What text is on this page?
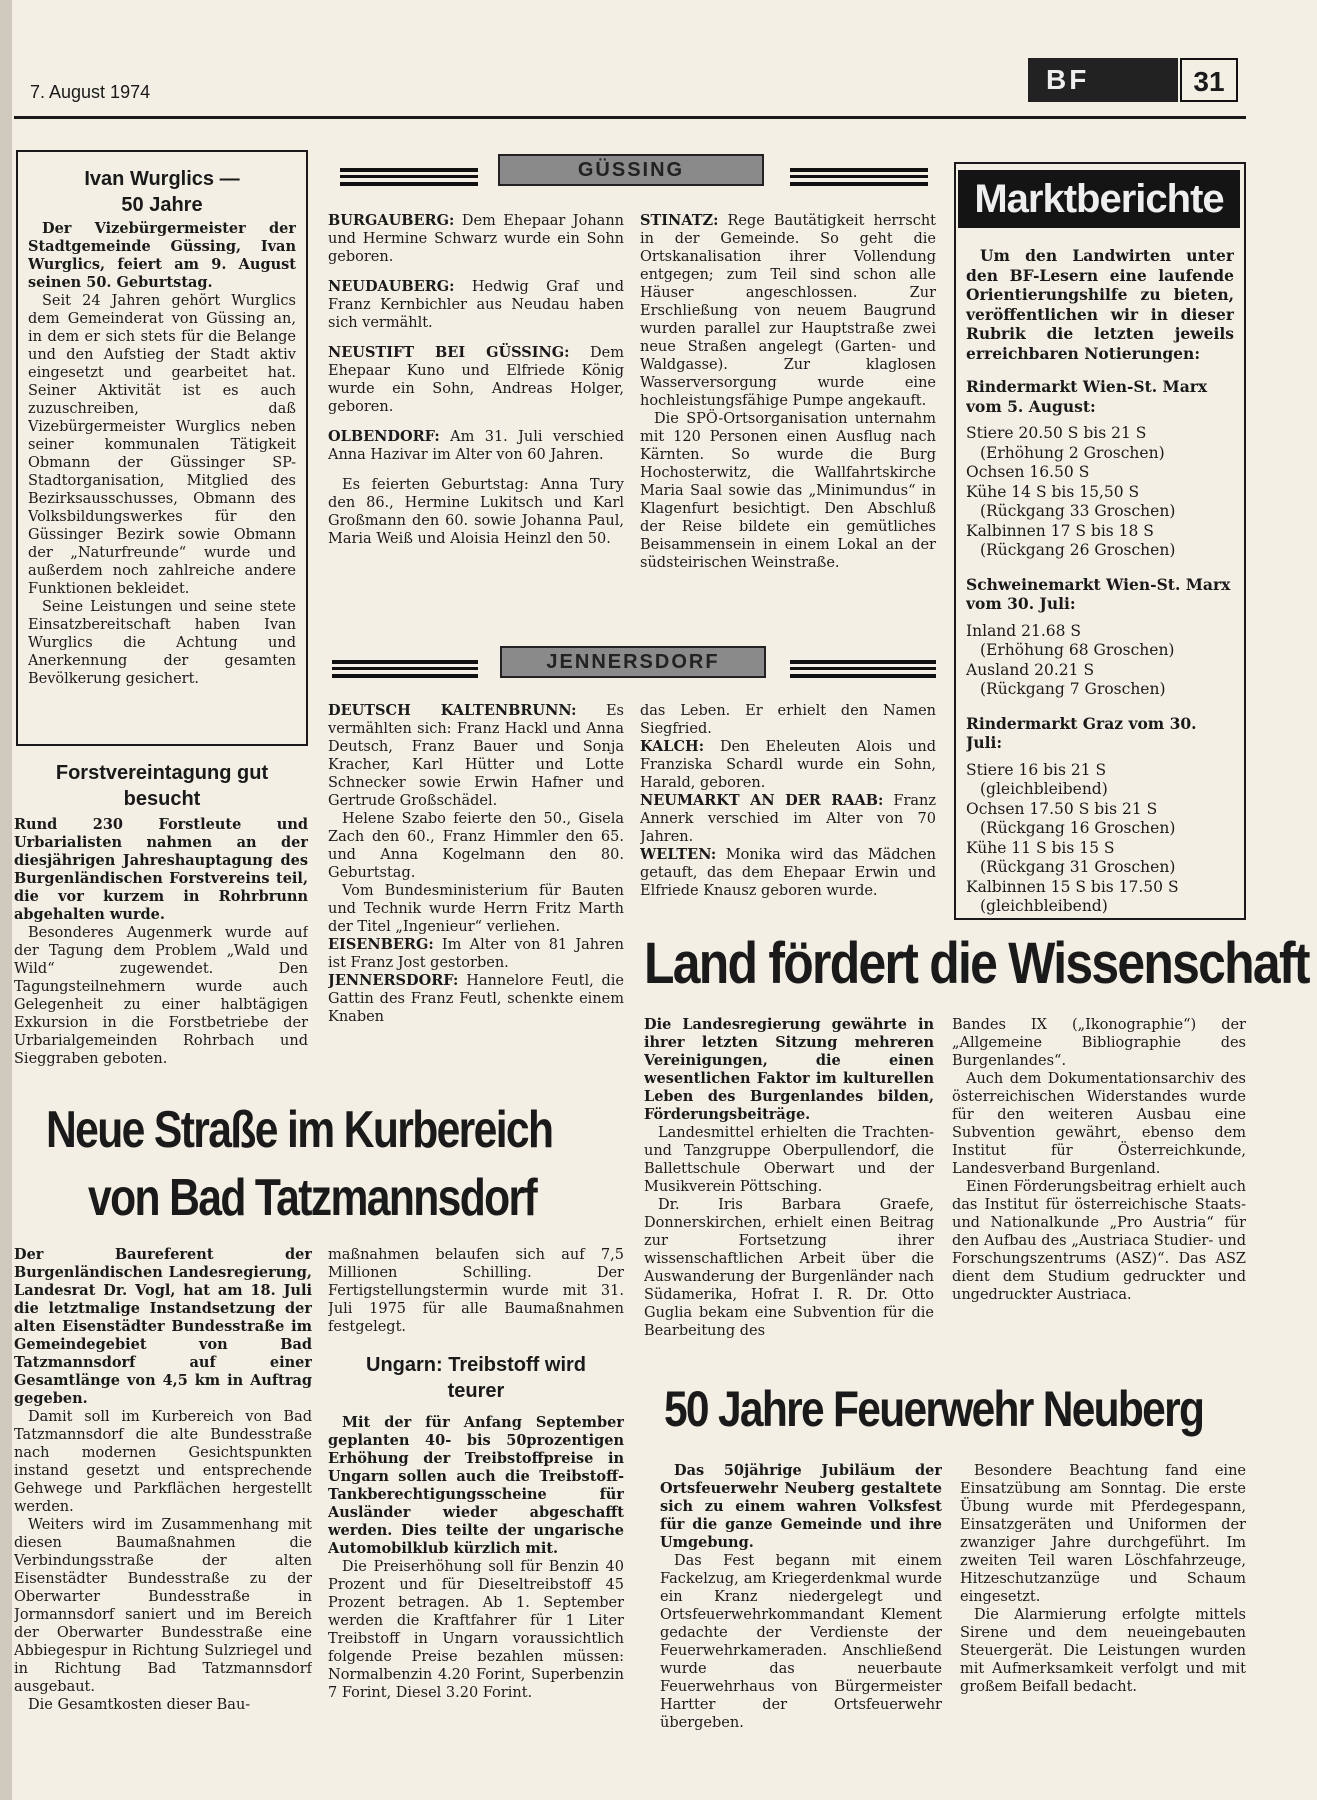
7. August 1974	BF	31
Ivan Wurglics —
50 Jahre

Der Vizebürgermeister der Stadtgemeinde Güssing, Ivan Wurglics, feiert am 9. August seinen 50. Geburtstag.

Seit 24 Jahren gehört Wurglics dem Gemeinderat von Güssing an, in dem er sich stets für die Belange und den Aufstieg der Stadt aktiv eingesetzt und gearbeitet hat. Seiner Aktivität ist es auch zuzuschreiben, daß Vizebürgermeister Wurglics neben seiner kommunalen Tätigkeit Obmann der Güssinger SP-Stadtorganisation, Mitglied des Bezirksausschusses, Obmann des Volksbildungswerkes für den Güssinger Bezirk sowie Obmann der „Naturfreunde“ wurde und außerdem noch zahlreiche andere Funktionen bekleidet.

Seine Leistungen und seine stete Einsatzbereitschaft haben Ivan Wurglics die Achtung und Anerkennung der gesamten Bevölkerung gesichert.

Forstvereintagung gut
besucht

Rund 230 Forstleute und Urbarialisten nahmen an der diesjährigen Jahreshauptagung des Burgenländischen Forstvereins teil, die vor kurzem in Rohrbrunn abgehalten wurde.

Besonderes Augenmerk wurde auf der Tagung dem Problem „Wald und Wild“ zugewendet. Den Tagungsteilnehmern wurde auch Gelegenheit zu einer halbtägigen Exkursion in die Forstbetriebe der Urbarialgemeinden Rohrbach und Sieggraben geboten.

GÜSSING

BURGAUBERG: Dem Ehepaar Johann und Hermine Schwarz wurde ein Sohn geboren.

NEUDAUBERG: Hedwig Graf und Franz Kernbichler aus Neudau haben sich vermählt.

NEUSTIFT BEI GÜSSING: Dem Ehepaar Kuno und Elfriede König wurde ein Sohn, Andreas Holger, geboren.

OLBENDORF: Am 31. Juli verschied Anna Hazivar im Alter von 60 Jahren.

Es feierten Geburtstag: Anna Tury den 86., Hermine Lukitsch und Karl Großmann den 60. sowie Johanna Paul, Maria Weiß und Aloisia Heinzl den 50.

STINATZ: Rege Bautätigkeit herrscht in der Gemeinde. So geht die Ortskanalisation ihrer Vollendung entgegen; zum Teil sind schon alle Häuser angeschlossen. Zur Erschließung von neuem Baugrund wurden parallel zur Hauptstraße zwei neue Straßen angelegt (Garten- und Waldgasse). Zur klaglosen Wasserversorgung wurde eine hochleistungsfähige Pumpe angekauft.

Die SPÖ-Ortsorganisation unternahm mit 120 Personen einen Ausflug nach Kärnten. So wurde die Burg Hochosterwitz, die Wallfahrtskirche Maria Saal sowie das „Minimundus“ in Klagenfurt besichtigt. Den Abschluß der Reise bildete ein gemütliches Beisammensein in einem Lokal an der südsteirischen Weinstraße.

JENNERSDORF

DEUTSCH KALTENBRUNN: Es vermählten sich: Franz Hackl und Anna Deutsch, Franz Bauer und Sonja Kracher, Karl Hütter und Lotte Schnecker sowie Erwin Hafner und Gertrude Großschädel.

Helene Szabo feierte den 50., Gisela Zach den 60., Franz Himmler den 65. und Anna Kogelmann den 80. Geburtstag.

Vom Bundesministerium für Bauten und Technik wurde Herrn Fritz Marth der Titel „Ingenieur“ verliehen.

EISENBERG: Im Alter von 81 Jahren ist Franz Jost gestorben.

JENNERSDORF: Hannelore Feutl, die Gattin des Franz Feutl, schenkte einem Knaben

das Leben. Er erhielt den Namen Siegfried.

KALCH: Den Eheleuten Alois und Franziska Schardl wurde ein Sohn, Harald, geboren.

NEUMARKT AN DER RAAB: Franz Annerk verschied im Alter von 70 Jahren.

WELTEN: Monika wird das Mädchen getauft, das dem Ehepaar Erwin und Elfriede Knausz geboren wurde.

Marktberichte

Um den Landwirten unter den BF-Lesern eine laufende Orientierungshilfe zu bieten, veröffentlichen wir in dieser Rubrik die letzten jeweils erreichbaren Notierungen:

Rindermarkt Wien-St. Marx vom 5. August:

Stiere 20.50 S bis 21 S
(Erhöhung 2 Groschen)
Ochsen 16.50 S
Kühe 14 S bis 15,50 S
(Rückgang 33 Groschen)
Kalbinnen 17 S bis 18 S
(Rückgang 26 Groschen)

Schweinemarkt Wien-St. Marx vom 30. Juli:

Inland 21.68 S
(Erhöhung 68 Groschen)
Ausland 20.21 S
(Rückgang 7 Groschen)

Rindermarkt Graz vom 30. Juli:

Stiere 16 bis 21 S
(gleichbleibend)
Ochsen 17.50 S bis 21 S
(Rückgang 16 Groschen)
Kühe 11 S bis 15 S
(Rückgang 31 Groschen)
Kalbinnen 15 S bis 17.50 S
(gleichbleibend)
Land fördert die Wissenschaft

Die Landesregierung gewährte in ihrer letzten Sitzung mehreren Vereinigungen, die einen wesentlichen Faktor im kulturellen Leben des Burgenlandes bilden, Förderungsbeiträge.

Landesmittel erhielten die Trachten- und Tanzgruppe Oberpullendorf, die Ballettschule Oberwart und der Musikverein Pöttsching.

Dr. Iris Barbara Graefe, Donnerskirchen, erhielt einen Beitrag zur Fortsetzung ihrer wissenschaftlichen Arbeit über die Auswanderung der Burgenländer nach Südamerika, Hofrat I. R. Dr. Otto Guglia bekam eine Subvention für die Bearbeitung des

Bandes IX („Ikonographie“) der „Allgemeine Bibliographie des Burgenlandes“.

Auch dem Dokumentationsarchiv des österreichischen Widerstandes wurde für den weiteren Ausbau eine Subvention gewährt, ebenso dem Institut für Österreichkunde, Landesverband Burgenland.

Einen Förderungsbeitrag erhielt auch das Institut für österreichische Staats- und Nationalkunde „Pro Austria“ für den Aufbau des „Austriaca Studier- und Forschungszentrums (ASZ)“. Das ASZ dient dem Studium gedruckter und ungedruckter Austriaca.

Neue Straße im Kurbereich
von Bad Tatzmannsdorf

Der Baureferent der Burgenländischen Landesregierung, Landesrat Dr. Vogl, hat am 18. Juli die letztmalige Instandsetzung der alten Eisenstädter Bundesstraße im Gemeindegebiet von Bad Tatzmannsdorf auf einer Gesamtlänge von 4,5 km in Auftrag gegeben.

Damit soll im Kurbereich von Bad Tatzmannsdorf die alte Bundesstraße nach modernen Gesichtspunkten instand gesetzt und entsprechende Gehwege und Parkflächen hergestellt werden.

Weiters wird im Zusammenhang mit diesen Baumaßnahmen die Verbindungsstraße der alten Eisenstädter Bundesstraße zu der Oberwarter Bundesstraße in Jormannsdorf saniert und im Bereich der Oberwarter Bundesstraße eine Abbiegespur in Richtung Sulzriegel und in Richtung Bad Tatzmannsdorf ausgebaut.

Die Gesamtkosten dieser Bau-

maßnahmen belaufen sich auf 7,5 Millionen Schilling. Der Fertigstellungstermin wurde mit 31. Juli 1975 für alle Baumaßnahmen festgelegt.

Ungarn: Treibstoff wird
teurer

Mit der für Anfang September geplanten 40- bis 50prozentigen Erhöhung der Treibstoffpreise in Ungarn sollen auch die Treibstoff-Tankberechtigungsscheine für Ausländer wieder abgeschafft werden. Dies teilte der ungarische Automobilklub kürzlich mit.

Die Preiserhöhung soll für Benzin 40 Prozent und für Dieseltreibstoff 45 Prozent betragen. Ab 1. September werden die Kraftfahrer für 1 Liter Treibstoff in Ungarn voraussichtlich folgende Preise bezahlen müssen: Normalbenzin 4.20 Forint, Superbenzin 7 Forint, Diesel 3.20 Forint.

50 Jahre Feuerwehr Neuberg

Das 50jährige Jubiläum der Ortsfeuerwehr Neuberg gestaltete sich zu einem wahren Volksfest für die ganze Gemeinde und ihre Umgebung.

Das Fest begann mit einem Fackelzug, am Kriegerdenkmal wurde ein Kranz niedergelegt und Ortsfeuerwehrkommandant Klement gedachte der Verdienste der Feuerwehrkameraden. Anschließend wurde das neuerbaute Feuerwehrhaus von Bürgermeister Hartter der Ortsfeuerwehr übergeben.

Besondere Beachtung fand eine Einsatzübung am Sonntag. Die erste Übung wurde mit Pferdegespann, Einsatzgeräten und Uniformen der zwanziger Jahre durchgeführt. Im zweiten Teil waren Löschfahrzeuge, Hitzeschutzanzüge und Schaum eingesetzt.

Die Alarmierung erfolgte mittels Sirene und dem neueingebauten Steuergerät. Die Leistungen wurden mit Aufmerksamkeit verfolgt und mit großem Beifall bedacht.
